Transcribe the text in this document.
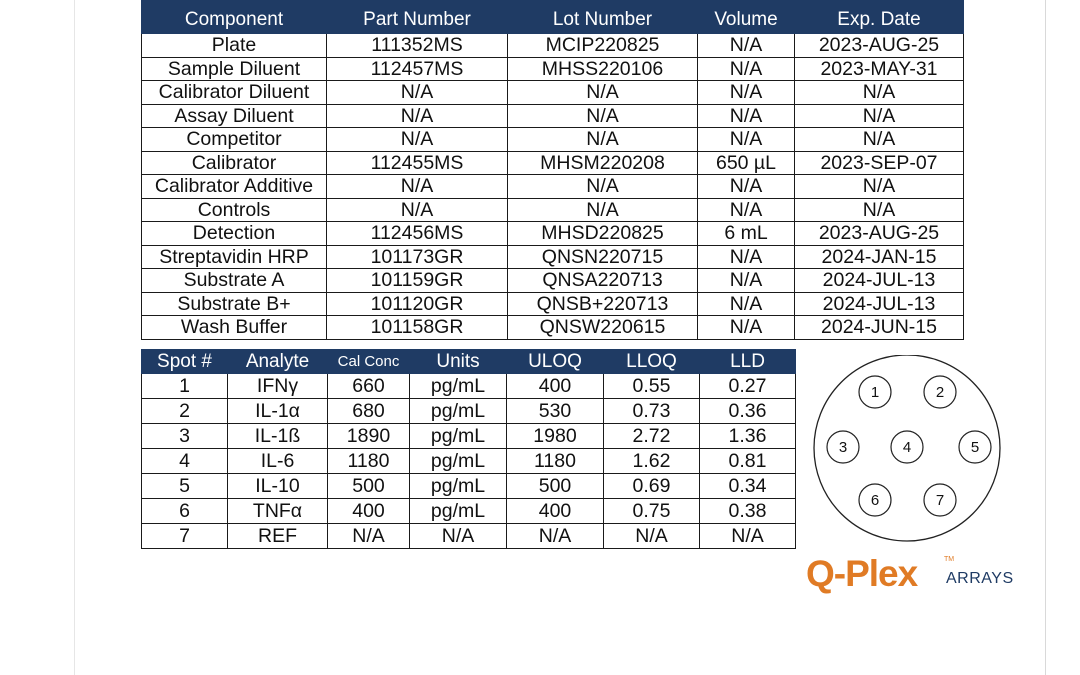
Component	Part Number	Lot Number	Volume	Exp. Date
Plate	111352MS	MCIP220825	N/A	2023-AUG-25
Sample Diluent	112457MS	MHSS220106	N/A	2023-MAY-31
Calibrator Diluent	N/A	N/A	N/A	N/A
Assay Diluent	N/A	N/A	N/A	N/A
Competitor	N/A	N/A	N/A	N/A
Calibrator	112455MS	MHSM220208	650 µL	2023-SEP-07
Calibrator Additive	N/A	N/A	N/A	N/A
Controls	N/A	N/A	N/A	N/A
Detection	112456MS	MHSD220825	6 mL	2023-AUG-25
Streptavidin HRP	101173GR	QNSN220715	N/A	2024-JAN-15
Substrate A	101159GR	QNSA220713	N/A	2024-JUL-13
Substrate B+	101120GR	QNSB+220713	N/A	2024-JUL-13
Wash Buffer	101158GR	QNSW220615	N/A	2024-JUN-15
Spot #	Analyte	Cal Conc	Units	ULOQ	LLOQ	LLD
1	IFNγ	660	pg/mL	400	0.55	0.27
2	IL-1α	680	pg/mL	530	0.73	0.36
3	IL-1ß	1890	pg/mL	1980	2.72	1.36
4	IL-6	1180	pg/mL	1180	1.62	0.81
5	IL-10	500	pg/mL	500	0.69	0.34
6	TNFα	400	pg/mL	400	0.75	0.38
7	REF	N/A	N/A	N/A	N/A	N/A
1	2
3	4	5
6	7
Q-Plex	TM
ARRAYS
